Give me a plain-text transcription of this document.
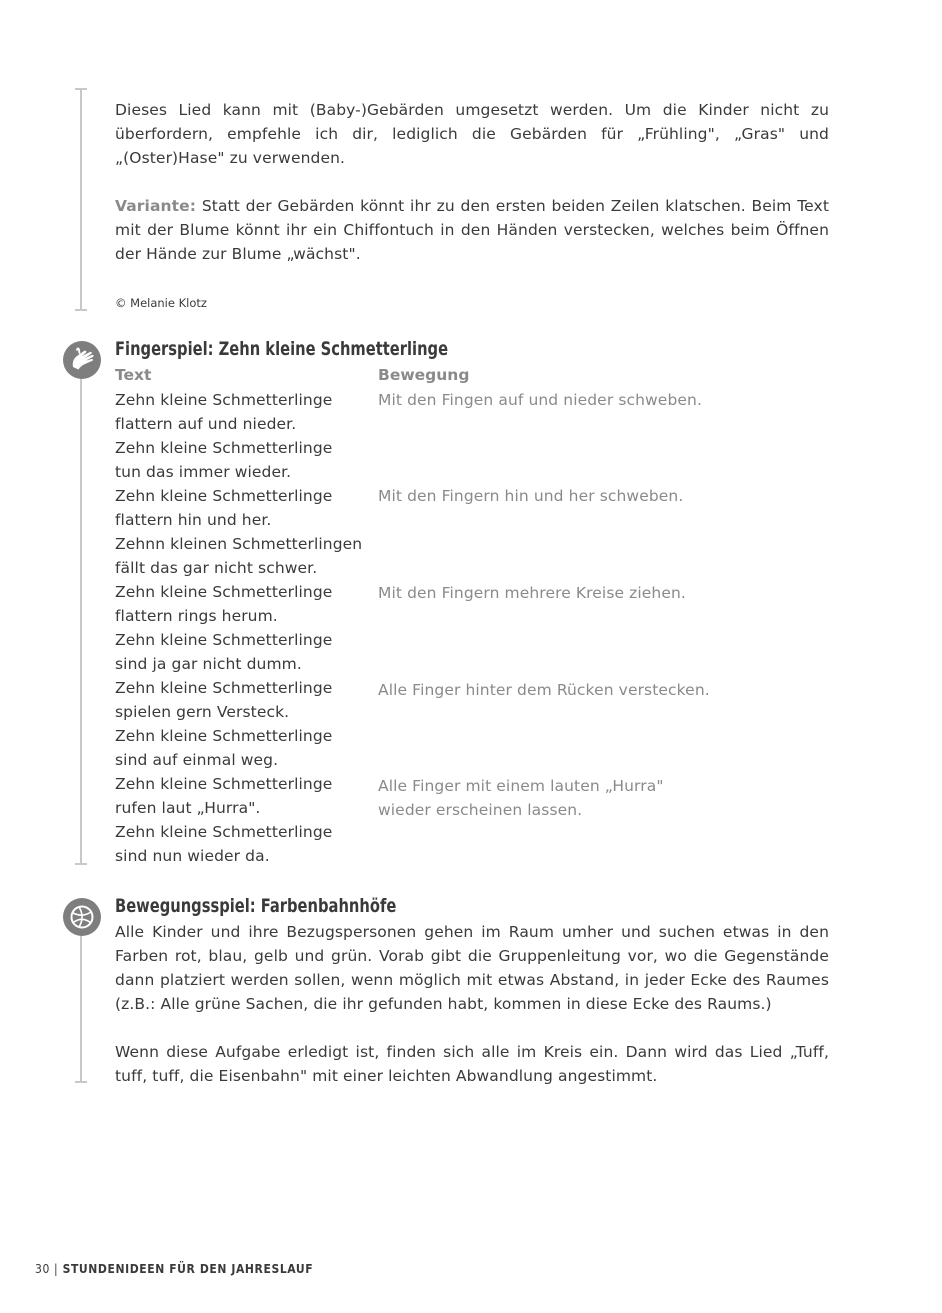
Dieses Lied kann mit (Baby-)Gebärden umgesetzt werden. Um die Kinder nicht zu überfordern, empfehle ich dir, lediglich die Gebärden für „Frühling", „Gras" und „(Oster)Hase" zu verwenden.

Variante: Statt der Gebärden könnt ihr zu den ersten beiden Zeilen klatschen. Beim Text mit der Blume könnt ihr ein Chiffontuch in den Händen verstecken, welches beim Öffnen der Hände zur Blume „wächst".

© Melanie Klotz
Fingerspiel: Zehn kleine Schmetterlinge
Text	Bewegung
Zehn kleine Schmetterlinge
flattern auf und nieder.
Zehn kleine Schmetterlinge
tun das immer wieder.
Zehn kleine Schmetterlinge
flattern hin und her.
Zehnn kleinen Schmetterlingen
fällt das gar nicht schwer.
Zehn kleine Schmetterlinge
flattern rings herum.
Zehn kleine Schmetterlinge
sind ja gar nicht dumm.
Zehn kleine Schmetterlinge
spielen gern Versteck.
Zehn kleine Schmetterlinge
sind auf einmal weg.
Zehn kleine Schmetterlinge
rufen laut „Hurra".
Zehn kleine Schmetterlinge
sind nun wieder da.
Mit den Fingen auf und nieder schweben.
Mit den Fingern hin und her schweben.
Mit den Fingern mehrere Kreise ziehen.
Alle Finger hinter dem Rücken verstecken.
Alle Finger mit einem lauten „Hurra"
wieder erscheinen lassen.
Bewegungsspiel: Farbenbahnhöfe

Alle Kinder und ihre Bezugspersonen gehen im Raum umher und suchen etwas in den Farben rot, blau, gelb und grün. Vorab gibt die Gruppenleitung vor, wo die Gegenstände dann platziert werden sollen, wenn möglich mit etwas Abstand, in jeder Ecke des Raumes (z.B.: Alle grüne Sachen, die ihr gefunden habt, kommen in diese Ecke des Raums.)

Wenn diese Aufgabe erledigt ist, finden sich alle im Kreis ein. Dann wird das Lied „Tuff, tuff, tuff, die Eisenbahn" mit einer leichten Abwandlung angestimmt.

30 | STUNDENIDEEN FÜR DEN JAHRESLAUF
